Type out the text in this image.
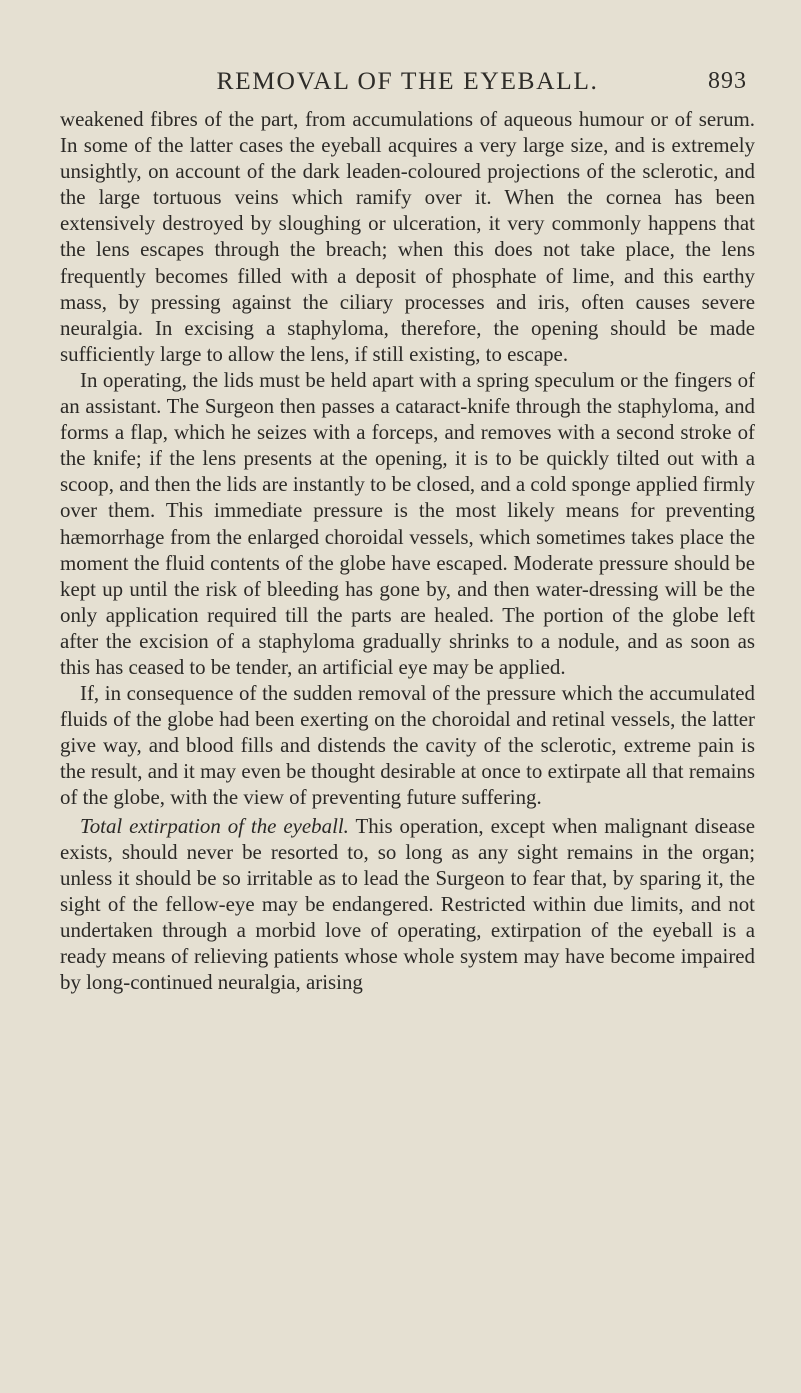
REMOVAL OF THE EYEBALL.	893

weakened fibres of the part, from accumulations of aqueous humour or of serum. In some of the latter cases the eyeball acquires a very large size, and is extremely unsightly, on account of the dark leaden-coloured projections of the sclerotic, and the large tortuous veins which ramify over it. When the cornea has been extensively destroyed by sloughing or ulceration, it very commonly happens that the lens escapes through the breach; when this does not take place, the lens frequently becomes filled with a deposit of phosphate of lime, and this earthy mass, by pressing against the ciliary processes and iris, often causes severe neuralgia. In excising a staphyloma, therefore, the opening should be made sufficiently large to allow the lens, if still existing, to escape.

In operating, the lids must be held apart with a spring speculum or the fingers of an assistant. The Surgeon then passes a cataract-knife through the staphyloma, and forms a flap, which he seizes with a forceps, and removes with a second stroke of the knife; if the lens presents at the opening, it is to be quickly tilted out with a scoop, and then the lids are instantly to be closed, and a cold sponge applied firmly over them. This immediate pressure is the most likely means for preventing hæmorrhage from the enlarged choroidal vessels, which sometimes takes place the moment the fluid contents of the globe have escaped. Moderate pressure should be kept up until the risk of bleeding has gone by, and then water-dressing will be the only application required till the parts are healed. The portion of the globe left after the excision of a staphyloma gradually shrinks to a nodule, and as soon as this has ceased to be tender, an artificial eye may be applied.

If, in consequence of the sudden removal of the pressure which the accumulated fluids of the globe had been exerting on the choroidal and retinal vessels, the latter give way, and blood fills and distends the cavity of the sclerotic, extreme pain is the result, and it may even be thought desirable at once to extirpate all that remains of the globe, with the view of preventing future suffering.

Total extirpation of the eyeball. This operation, except when malignant disease exists, should never be resorted to, so long as any sight remains in the organ; unless it should be so irritable as to lead the Surgeon to fear that, by sparing it, the sight of the fellow-eye may be endangered. Restricted within due limits, and not undertaken through a morbid love of operating, extirpation of the eyeball is a ready means of relieving patients whose whole system may have become impaired by long-continued neuralgia, arising
